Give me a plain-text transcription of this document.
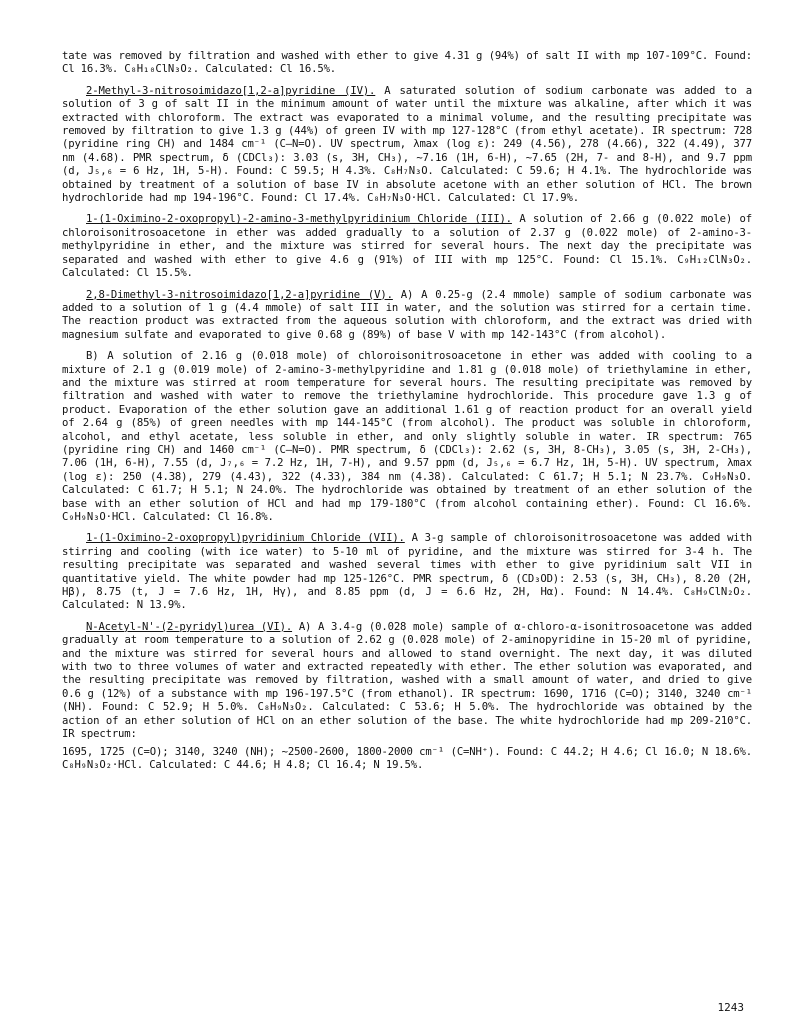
tate was removed by filtration and washed with ether to give 4.31 g (94%) of salt II with mp 107-109°C. Found: Cl 16.3%. C₈H₁₀ClN₃O₂. Calculated: Cl 16.5%.
2-Methyl-3-nitrosoimidazo[1,2-a]pyridine (IV). A saturated solution of sodium carbonate was added to a solution of 3 g of salt II in the minimum amount of water until the mixture was alkaline, after which it was extracted with chloroform. The extract was evaporated to a minimal volume, and the resulting precipitate was removed by filtration to give 1.3 g (44%) of green IV with mp 127-128°C (from ethyl acetate). IR spectrum: 728 (pyridine ring CH) and 1484 cm⁻¹ (C—N=O). UV spectrum, λmax (log ε): 249 (4.56), 278 (4.66), 322 (4.49), 377 nm (4.68). PMR spectrum, δ (CDCl₃): 3.03 (s, 3H, CH₃), ~7.16 (1H, 6-H), ~7.65 (2H, 7- and 8-H), and 9.7 ppm (d, J₅,₆ = 6 Hz, 1H, 5-H). Found: C 59.5; H 4.3%. C₈H₇N₃O. Calculated: C 59.6; H 4.1%. The hydrochloride was obtained by treatment of a solution of base IV in absolute acetone with an ether solution of HCl. The brown hydrochloride had mp 194-196°C. Found: Cl 17.4%. C₈H₇N₃O·HCl. Calculated: Cl 17.9%.
1-(1-Oximino-2-oxopropyl)-2-amino-3-methylpyridinium Chloride (III). A solution of 2.66 g (0.022 mole) of chloroisonitrosoacetone in ether was added gradually to a solution of 2.37 g (0.022 mole) of 2-amino-3-methylpyridine in ether, and the mixture was stirred for several hours. The next day the precipitate was separated and washed with ether to give 4.6 g (91%) of III with mp 125°C. Found: Cl 15.1%. C₉H₁₂ClN₃O₂. Calculated: Cl 15.5%.

2,8-Dimethyl-3-nitrosoimidazo[1,2-a]pyridine (V). A) A 0.25-g (2.4 mmole) sample of sodium carbonate was added to a solution of 1 g (4.4 mmole) of salt III in water, and the solution was stirred for a certain time. The reaction product was extracted from the aqueous solution with chloroform, and the extract was dried with magnesium sulfate and evaporated to give 0.68 g (89%) of base V with mp 142-143°C (from alcohol).

B) A solution of 2.16 g (0.018 mole) of chloroisonitrosoacetone in ether was added with cooling to a mixture of 2.1 g (0.019 mole) of 2-amino-3-methylpyridine and 1.81 g (0.018 mole) of triethylamine in ether, and the mixture was stirred at room temperature for several hours. The resulting precipitate was removed by filtration and washed with water to remove the triethylamine hydrochloride. This procedure gave 1.3 g of product. Evaporation of the ether solution gave an additional 1.61 g of reaction product for an overall yield of 2.64 g (85%) of green needles with mp 144-145°C (from alcohol). The product was soluble in chloroform, alcohol, and ethyl acetate, less soluble in ether, and only slightly soluble in water. IR spectrum: 765 (pyridine ring CH) and 1460 cm⁻¹ (C—N=O). PMR spectrum, δ (CDCl₃): 2.62 (s, 3H, 8-CH₃), 3.05 (s, 3H, 2-CH₃), 7.06 (1H, 6-H), 7.55 (d, J₇,₆ = 7.2 Hz, 1H, 7-H), and 9.57 ppm (d, J₅,₆ = 6.7 Hz, 1H, 5-H). UV spectrum, λmax (log ε): 250 (4.38), 279 (4.43), 322 (4.33), 384 nm (4.38). Calculated: C 61.7; H 5.1; N 23.7%. C₉H₉N₃O. Calculated: C 61.7; H 5.1; N 24.0%. The hydrochloride was obtained by treatment of an ether solution of the base with an ether solution of HCl and had mp 179-180°C (from alcohol containing ether). Found: Cl 16.6%. C₉H₉N₃O·HCl. Calculated: Cl 16.8%.

1-(1-Oximino-2-oxopropyl)pyridinium Chloride (VII). A 3-g sample of chloroisonitrosoacetone was added with stirring and cooling (with ice water) to 5-10 ml of pyridine, and the mixture was stirred for 3-4 h. The resulting precipitate was separated and washed several times with ether to give pyridinium salt VII in quantitative yield. The white powder had mp 125-126°C. PMR spectrum, δ (CD₃OD): 2.53 (s, 3H, CH₃), 8.20 (2H, Hβ), 8.75 (t, J = 7.6 Hz, 1H, Hγ), and 8.85 ppm (d, J = 6.6 Hz, 2H, Hα). Found: N 14.4%. C₈H₉ClN₂O₂. Calculated: N 13.9%.
N-Acetyl-N'-(2-pyridyl)urea (VI). A) A 3.4-g (0.028 mole) sample of α-chloro-α-isonitrosoacetone was added gradually at room temperature to a solution of 2.62 g (0.028 mole) of 2-aminopyridine in 15-20 ml of pyridine, and the mixture was stirred for several hours and allowed to stand overnight. The next day, it was diluted with two to three volumes of water and extracted repeatedly with ether. The ether solution was evaporated, and the resulting precipitate was removed by filtration, washed with a small amount of water, and dried to give 0.6 g (12%) of a substance with mp 196-197.5°C (from ethanol). IR spectrum: 1690, 1716 (C=O); 3140, 3240 cm⁻¹ (NH). Found: C 52.9; H 5.0%. C₈H₉N₃O₂. Calculated: C 53.6; H 5.0%. The hydrochloride was obtained by the action of an ether solution of HCl on an ether solution of the base. The white hydrochloride had mp 209-210°C. IR spectrum:
1695, 1725 (C=O); 3140, 3240 (NH); ~2500-2600, 1800-2000 cm⁻¹ (C=NH⁺). Found: C 44.2; H 4.6; Cl 16.0; N 18.6%. C₈H₉N₃O₂·HCl. Calculated: C 44.6; H 4.8; Cl 16.4; N 19.5%.
1243
